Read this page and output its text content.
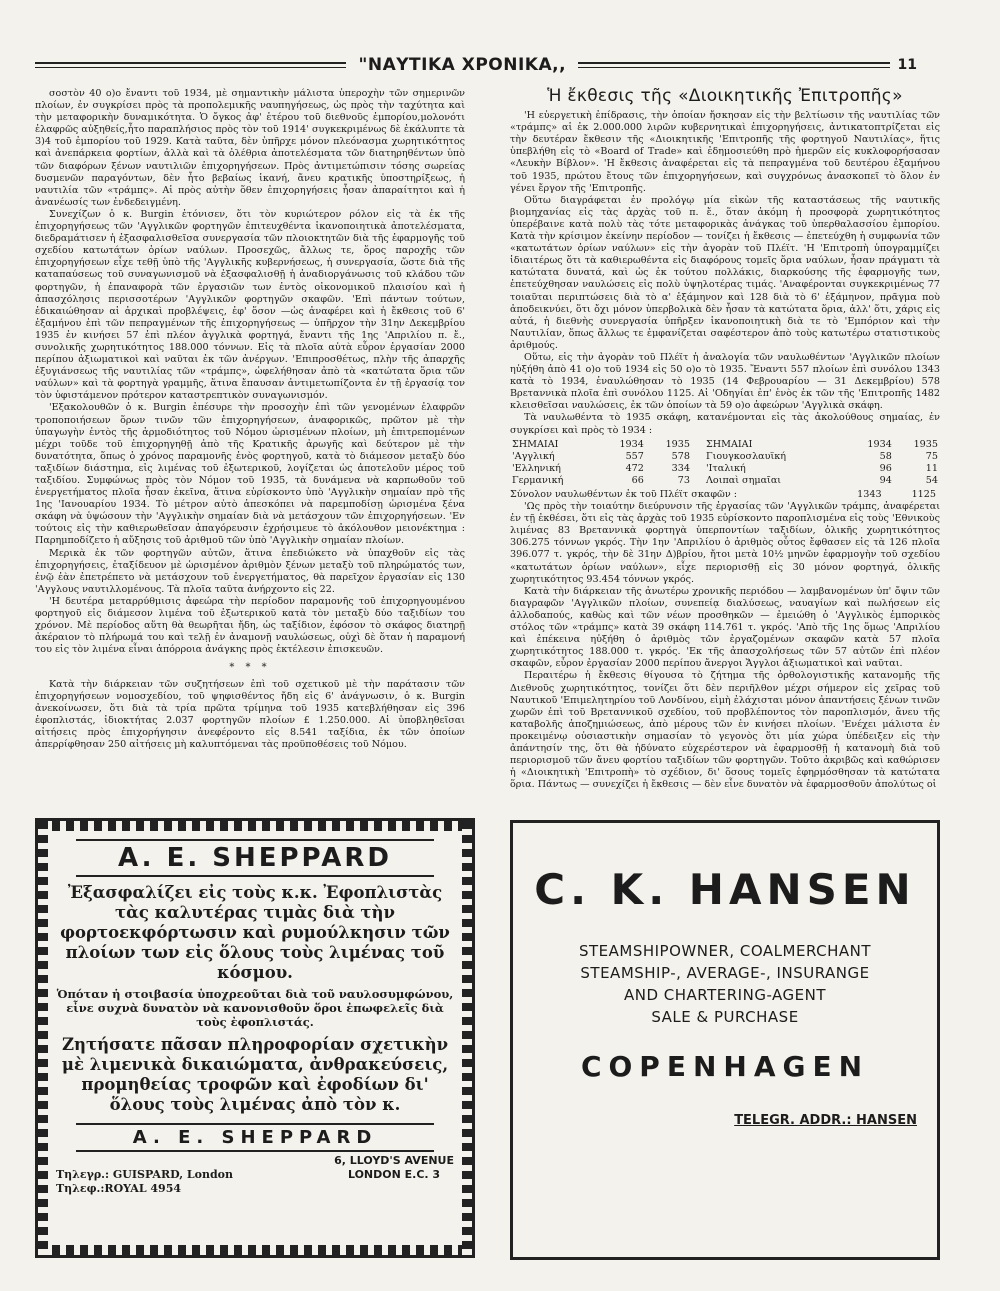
"ΝΑΥΤΙΚΑ ΧΡΟΝΙΚΑ,,	11

σοστὸν 40 ο)ο ἔναντι τοῦ 1934, μὲ σημαντικὴν μάλιστα ὑπεροχὴν τῶν σημερινῶν πλοίων, ἐν συγκρίσει πρὸς τὰ προπολεμικῆς ναυπηγήσεως, ὡς πρὸς τὴν ταχύτητα καὶ τὴν μεταφορικὴν δυναμικότητα. Ὁ ὄγκος ἀφ' ἑτέρου τοῦ διεθνοῦς ἐμπορίου,μολονότι ἐλαφρῶς αὐξηθείς,ἦτο παραπλήσιος πρὸς τὸν τοῦ 1914' συγκεκριμένως δὲ ἐκάλυπτε τὰ 3)4 τοῦ ἐμπορίου τοῦ 1929. Κατὰ ταῦτα, δὲν ὑπῆρχε μόνον πλεόνασμα χωρητικότητος καὶ ἀνεπάρκεια φορτίων, ἀλλὰ καὶ τὰ ὀλέθρια ἀποτελέσματα τῶν διατηρηθέντων ὑπὸ τῶν διαφόρων ξένων ναυτιλιῶν ἐπιχορηγήσεων. Πρὸς ἀντιμετώπισιν τόσης σωρείας δυσμενῶν παραγόντων, δὲν ἦτο βεβαίως ἱκανή, ἄνευ κρατικῆς ὑποστηρίξεως, ἡ ναυτιλία τῶν «τράμπς». Αἱ πρὸς αὐτὴν ὅθεν ἐπιχορηγήσεις ἦσαν ἀπαραίτητοι καὶ ἡ ἀνανέωσίς των ἐνδεδειγμένη.

Συνεχίζων ὁ κ. Burgin ἐτόνισεν, ὅτι τὸν κυριώτερον ρόλον εἰς τὰ ἐκ τῆς ἐπιχορηγήσεως τῶν 'Αγγλικῶν φορτηγῶν ἐπιτευχθέντα ἱκανοποιητικὰ ἀποτελέσματα, διεδραμάτισεν ἡ ἐξασφαλισθεῖσα συνεργασία τῶν πλοιοκτητῶν διὰ τῆς ἐφαρμογῆς τοῦ σχεδίου κατωτάτων ὁρίων ναύλων. Προσεχῶς, ἄλλως τε, ὅρος παροχῆς τῶν ἐπιχορηγήσεων εἶχε τεθῇ ὑπὸ τῆς 'Αγγλικῆς κυβερνήσεως, ἡ συνεργασία, ὥστε διὰ τῆς καταπαύσεως τοῦ συναγωνισμοῦ νὰ ἐξασφαλισθῇ ἡ ἀναδιοργάνωσις τοῦ κλάδου τῶν φορτηγῶν, ἡ ἐπαναφορὰ τῶν ἐργασιῶν των ἐντὸς οἰκονομικοῦ πλαισίου καὶ ἡ ἀπασχόλησις περισσοτέρων 'Αγγλικῶν φορτηγῶν σκαφῶν. 'Επὶ πάντων τούτων, ἐδικαιώθησαν αἱ ἀρχικαὶ προβλέψεις, ἐφ' ὅσον —ὡς ἀναφέρει καὶ ἡ ἔκθεσις τοῦ 6' ἐξαμήνου ἐπὶ τῶν πεπραγμένων τῆς ἐπιχορηγήσεως — ὑπῆρχον τὴν 31ην Δεκεμβρίου 1935 ἐν κινήσει 57 ἐπὶ πλέον ἀγγλικὰ φορτηγά, ἔναντι τῆς 1ης 'Απριλίου π. ἔ., συνολικῆς χωρητικότητος 188.000 τόννων. Εἰς τὰ πλοῖα αὐτὰ εὗρον ἐργασίαν 2000 περίπου ἀξιωματικοὶ καὶ ναῦται ἐκ τῶν ἀνέργων. 'Επιπροσθέτως, πλὴν τῆς ἀπαρχῆς ἐξυγιάνσεως τῆς ναυτιλίας τῶν «τράμπς», ὠφελήθησαν ἀπὸ τὰ «κατώτατα ὅρια τῶν ναύλων» καὶ τὰ φορτηγὰ γραμμῆς, ἅτινα ἔπαυσαν ἀντιμετωπίζοντα ἐν τῇ ἐργασίᾳ τον τὸν ὑφιστάμενον πρότερον καταστρεπτικὸν συναγωνισμόν.

'Εξακολουθῶν ὁ κ. Burgin ἐπέσυρε τὴν προσοχὴν ἐπὶ τῶν γενομένων ἐλαφρῶν τροποποιήσεων ὅρων τινῶν τῶν ἐπιχορηγήσεων, ἀναφορικῶς, πρῶτον μὲ τὴν ὑπαγωγὴν ἐντὸς τῆς ἁρμοδιότητος τοῦ Νόμου ὡρισμένων πλοίων, μὴ ἐπιτρεπομένων μέχρι τοῦδε τοῦ ἐπιχορηγηθῇ ἀπὸ τῆς Κρατικῆς ἀρωγῆς καὶ δεύτερον μὲ τὴν δυνατότητα, ὅπως ὁ χρόνος παραμονῆς ἑνὸς φορτηγοῦ, κατὰ τὸ διάμεσον μεταξὺ δύο ταξιδίων διάστημα, εἰς λιμένας τοῦ ἐξωτερικοῦ, λογίζεται ὡς ἀποτελοῦν μέρος τοῦ ταξιδίου. Συμφώνως πρὸς τὸν Νόμον τοῦ 1935, τὰ δυνάμενα νὰ καρπωθοῦν τοῦ ἐνεργετήματος πλοῖα ἦσαν ἐκεῖνα, ἅτινα εὑρίσκοντο ὑπὸ 'Αγγλικὴν σημαίαν πρὸ τῆς 1ης 'Ιανουαρίου 1934. Τὸ μέτρον αὐτὸ ἀπεσκόπει νὰ παρεμποδίσῃ ὡρισμένα ξένα σκάφη νὰ ὑψώσουν τὴν 'Αγγλικὴν σημαίαν διὰ νὰ μετάσχουν τῶν ἐπιχορηγήσεων. 'Εν τούτοις εἰς τὴν καθιερωθεῖσαν ἀπαγόρευσιν ἐχρήσιμευε τὸ ἀκόλουθον μειονέκτημα : Παρημποδίζετο ἡ αὔξησις τοῦ ἀριθμοῦ τῶν ὑπὸ 'Αγγλικὴν σημαίαν πλοίων.

Μερικὰ ἐκ τῶν φορτηγῶν αὐτῶν, ἅτινα ἐπεδιώκετο νὰ ὑπαχθοῦν εἰς τὰς ἐπιχορηγήσεις, ἐταξίδευον μὲ ὡρισμένον ἀριθμὸν ξένων μεταξὺ τοῦ πληρώματός των, ἐνῷ ἐὰν ἐπετρέπετο νὰ μετάσχουν τοῦ ἐνεργετήματος, θὰ παρεῖχον ἐργασίαν εἰς 130 'Αγγλους ναυτιλλομένους. Τὰ πλοῖα ταῦτα ἀνήρχοντο εἰς 22.

'Η δευτέρα μεταρρύθμισις ἀφεώρα τὴν περίοδον παραμονῆς τοῦ ἐπιχορηγουμένου φορτηγοῦ εἰς διάμεσον λιμένα τοῦ ἐξωτερικοῦ κατὰ τὸν μεταξὺ δύο ταξιδίων του χρόνον. Μὲ περίοδος αὕτη θὰ θεωρῆται ἤδη, ὡς ταξίδιον, ἐφόσον τὸ σκάφος διατηρῇ ἀκέραιον τὸ πλήρωμά του καὶ τελῇ ἐν ἀναμονῇ ναυλώσεως, οὐχὶ δὲ ὅταν ἡ παραμονή του εἰς τὸν λιμένα εἶναι ἀπόρροια ἀνάγκης πρὸς ἐκτέλεσιν ἐπισκευῶν.

* * *

Κατὰ τὴν διάρκειαν τῶν συζητήσεων ἐπὶ τοῦ σχετικοῦ μὲ τὴν παράτασιν τῶν ἐπιχορηγήσεων νομοσχεδίου, τοῦ ψηφισθέντος ἤδη εἰς 6' ἀνάγνωσιν, ὁ κ. Burgin ἀνεκοίνωσεν, ὅτι διὰ τὰ τρία πρῶτα τρίμηνα τοῦ 1935 κατεβλήθησαν εἰς 396 ἐφοπλιστάς, ἰδιοκτήτας 2.037 φορτηγῶν πλοίων £ 1.250.000. Αἱ ὑποβληθεῖσαι αἰτήσεις πρὸς ἐπιχορήγησιν ἀνεφέροντο εἰς 8.541 ταξίδια, ἐκ τῶν ὁποίων ἀπερρίφθησαν 250 αἰτήσεις μὴ καλυπτόμεναι τὰς προϋποθέσεις τοῦ Νόμου.

Ἡ ἔκθεσις τῆς «Διοικητικῆς Ἐπιτροπῆς»

'Η εὐεργετικὴ ἐπίδρασις, τὴν ὁποίαν ἤσκησαν εἰς τὴν βελτίωσιν τῆς ναυτιλίας τῶν «τράμπς» αἱ ἐκ 2.000.000 λιρῶν κυβερνητικαὶ ἐπιχορηγήσεις, ἀντικατοπτρίζεται εἰς τὴν δευτέραν ἔκθεσιν τῆς «Διοικητικῆς 'Επιτροπῆς τῆς φορτηγοῦ Ναυτιλίας», ἥτις ὑπεβλήθη εἰς τὸ «Board of Trade» καὶ ἐδημοσιεύθη πρὸ ἡμερῶν εἰς κυκλοφορήσασαν «Λευκὴν Βίβλον». 'Η ἔκθεσις ἀναφέρεται εἰς τὰ πεπραγμένα τοῦ δευτέρου ἐξαμήνου τοῦ 1935, πρώτου ἔτους τῶν ἐπιχορηγήσεων, καὶ συγχρόνως ἀνασκοπεῖ τὸ ὅλον ἐν γένει ἔργον τῆς 'Επιτροπῆς.

Οὕτω διαγράφεται ἐν προλόγῳ μία εἰκὼν τῆς καταστάσεως τῆς ναυτικῆς βιομηχανίας εἰς τὰς ἀρχὰς τοῦ π. ἔ., ὅταν ἀκόμη ἡ προσφορὰ χωρητικότητος ὑπερέβαινε κατὰ πολὺ τὰς τότε μεταφορικὰς ἀνάγκας τοῦ ὑπερθαλασσίου ἐμπορίου. Κατὰ τὴν κρίσιμον ἐκείνην περίοδον — τονίζει ἡ ἔκθεσις — ἐπετεύχθη ἡ συμφωνία τῶν «κατωτάτων ὁρίων ναύλων» εἰς τὴν ἀγορὰν τοῦ Πλέϊτ. 'Η 'Επιτροπὴ ὑπογραμμίζει ἰδιαιτέρως ὅτι τὰ καθιερωθέντα εἰς διαφόρους τομεῖς ὅρια ναύλων, ἦσαν πράγματι τὰ κατώτατα δυνατά, καὶ ὡς ἐκ τούτου πολλάκις, διαρκούσης τῆς ἐφαρμογῆς των, ἐπετεύχθησαν ναυλώσεις εἰς πολὺ ὑψηλοτέρας τιμάς. 'Αναφέρονται συγκεκριμένως 77 τοιαῦται περιπτώσεις διὰ τὸ α' ἑξάμηνον καὶ 128 διὰ τὸ 6' ἑξάμηνον, πρᾶγμα ποὺ ἀποδεικνύει, ὅτι ὄχι μόνον ὑπερβολικὰ δὲν ἦσαν τὰ κατώτατα ὅρια, ἀλλ' ὅτι, χάρις εἰς αὐτά, ἡ διεθνὴς συνεργασία ὑπῆρξεν ἱκανοποιητικὴ διὰ τε τὸ 'Εμπόριον καὶ τὴν Ναυτιλίαν, ὅπως ἄλλως τε ἐμφανίζεται σαφέστερον ἀπὸ τοὺς κατωτέρω στατιστικοὺς ἀριθμούς.

Οὕτω, εἰς τὴν ἀγορὰν τοῦ Πλέϊτ ἡ ἀναλογία τῶν ναυλωθέντων 'Αγγλικῶν πλοίων ηὐξήθη ἀπὸ 41 ο)ο τοῦ 1934 εἰς 50 ο)ο τὸ 1935. Ἔναντι 557 πλοίων ἐπὶ συνόλου 1343 κατὰ τὸ 1934, ἐναυλώθησαν τὸ 1935 (14 Φεβρουαρίου — 31 Δεκεμβρίου) 578 Βρεταννικὰ πλοῖα ἐπὶ συνόλου 1125. Αἱ 'Οδηγίαι ἐπ' ἑνὸς ἐκ τῶν τῆς 'Επιτροπῆς 1482 κλεισθεῖσαι ναυλώσεις, ἐκ τῶν ὁποίων τὰ 59 ο)ο ἀφεώρων 'Αγγλικὰ σκάφη.

Τὰ ναυλωθέντα τὸ 1935 σκάφη, κατανέμονται εἰς τὰς ἀκολούθους σημαίας, ἐν συγκρίσει καὶ πρὸς τὸ 1934 :

ΣΗΜΑΙΑΙ	1934	1935	ΣΗΜΑΙΑΙ	1934	1935
'Αγγλική	557	578	Γιουγκοσλαυϊκή	58	75
'Ελληνική	472	334	'Ιταλική	96	11
Γερμανική	66	73	Λοιπαὶ σημαῖαι	94	54
Σύνολον ναυλωθέντων ἐκ τοῦ Πλέϊτ σκαφῶν :	1343	1125

'Ως πρὸς τὴν τοιαύτην διεύρυνσιν τῆς ἐργασίας τῶν 'Αγγλικῶν τράμπς, ἀναφέρεται ἐν τῇ ἐκθέσει, ὅτι εἰς τὰς ἀρχὰς τοῦ 1935 εὑρίσκοντο παροπλισμένα εἰς τοὺς 'Εθνικοὺς λιμένας 83 Βρεταννικὰ φορτηγὰ ὑπερποντίων ταξιδίων, ὁλικῆς χωρητικότητος 306.275 τόννων γκρός. Τὴν 1ην 'Απριλίου ὁ ἀριθμὸς οὗτος ἔφθασεν εἰς τὰ 126 πλοῖα 396.077 τ. γκρός, τὴν δὲ 31ην Δ)βρίου, ἤτοι μετὰ 10½ μηνῶν ἐφαρμογὴν τοῦ σχεδίου «κατωτάτων ὁρίων ναύλων», εἶχε περιορισθῇ εἰς 30 μόνον φορτηγά, ὁλικῆς χωρητικότητος 93.454 τόννων γκρός.

Κατὰ τὴν διάρκειαν τῆς ἀνωτέρω χρονικῆς περιόδου — λαμβανομένων ὑπ' ὄψιν τῶν διαγραφῶν 'Αγγλικῶν πλοίων, συνεπείᾳ διαλύσεως, ναυαγίων καὶ πωλήσεων εἰς ἀλλοδαπούς, καθὼς καὶ τῶν νέων προσθηκῶν — ἐμειώθη ὁ 'Αγγλικὸς ἐμπορικὸς στόλος τῶν «τράμπς» κατὰ 39 σκάφη 114.761 τ. γκρός. 'Απὸ τῆς 1ης ὅμως 'Απριλίου καὶ ἐπέκεινα ηὐξήθη ὁ ἀριθμὸς τῶν ἐργαζομένων σκαφῶν κατὰ 57 πλοῖα χωρητικότητος 188.000 τ. γκρός. 'Εκ τῆς ἀπασχολήσεως τῶν 57 αὐτῶν ἐπὶ πλέον σκαφῶν, εὗρον ἐργασίαν 2000 περίπου ἄνεργοι Ἄγγλοι ἀξιωματικοὶ καὶ ναῦται.

Περαιτέρω ἡ ἔκθεσις θίγουσα τὸ ζήτημα τῆς ὀρθολογιστικῆς κατανομῆς τῆς Διεθνοῦς χωρητικότητος, τονίζει ὅτι δὲν περιῆλθον μέχρι σήμερον εἰς χεῖρας τοῦ Ναυτικοῦ 'Επιμελητηρίου τοῦ Λονδίνου, εἰμὴ ἐλάχισται μόνον ἀπαντήσεις ξένων τινῶν χωρῶν ἐπὶ τοῦ Βρεταννικοῦ σχεδίου, τοῦ προβλέποντος τὸν παροπλισμόν, ἄνευ τῆς καταβολῆς ἀποζημιώσεως, ἀπὸ μέρους τῶν ἐν κινήσει πλοίων. 'Ενέχει μάλιστα ἐν προκειμένῳ οὐσιαστικὴν σημασίαν τὸ γεγονὸς ὅτι μία χώρα ὑπέδειξεν εἰς τὴν ἀπάντησίν της, ὅτι θὰ ἠδύνατο εὐχερέστερον νὰ ἐφαρμοσθῇ ἡ κατανομὴ διὰ τοῦ περιορισμοῦ τῶν ἄνευ φορτίου ταξιδίων τῶν φορτηγῶν. Τοῦτο ἀκριβῶς καὶ καθώρισεν ἡ «Διοικητικὴ 'Επιτροπὴ» τὸ σχέδιον, δι' ὅσους τομεῖς ἐφηρμόσθησαν τὰ κατώτατα ὅρια. Πάντως — συνεχίζει ἡ ἔκθεσις — δὲν εἶνε δυνατὸν νὰ ἐφαρμοσθοῦν ἀπολύτως οἱ

A. E. SHEPPARD
Ἐξασφαλίζει εἰς τοὺς κ.κ. Ἐφοπλιστὰς τὰς καλυτέρας τιμὰς διὰ τὴν φορτοεκφόρτωσιν καὶ ρυμούλκησιν τῶν πλοίων των εἰς ὅλους τοὺς λιμένας τοῦ κόσμου.
Ὁπόταν ἡ στοιβασία ὑποχρεοῦται διὰ τοῦ ναυλοσυμφώνου, εἶνε συχνὰ δυνατὸν νὰ κανονισθοῦν ὅροι ἐπωφελεῖς διὰ τοὺς ἐφοπλιστάς.
Ζητήσατε πᾶσαν πληροφορίαν σχετικὴν μὲ λιμενικὰ δικαιώματα, ἀνθρακεύσεις, προμηθείας τροφῶν καὶ ἐφοδίων δι' ὅλους τοὺς λιμένας ἀπὸ τὸν κ.
A. E. SHEPPARD
Τηλεγρ.: GUISPARD, London
Τηλεφ.:ROYAL 4954
6, LLOYD'S AVENUE
LONDON E.C. 3
C. K. HANSEN
STEAMSHIPOWNER, COALMERCHANT
STEAMSHIP-, AVERAGE-, INSURANGE
AND CHARTERING-AGENT
SALE & PURCHASE
COPENHAGEN
TELEGR. ADDR.: HANSEN
